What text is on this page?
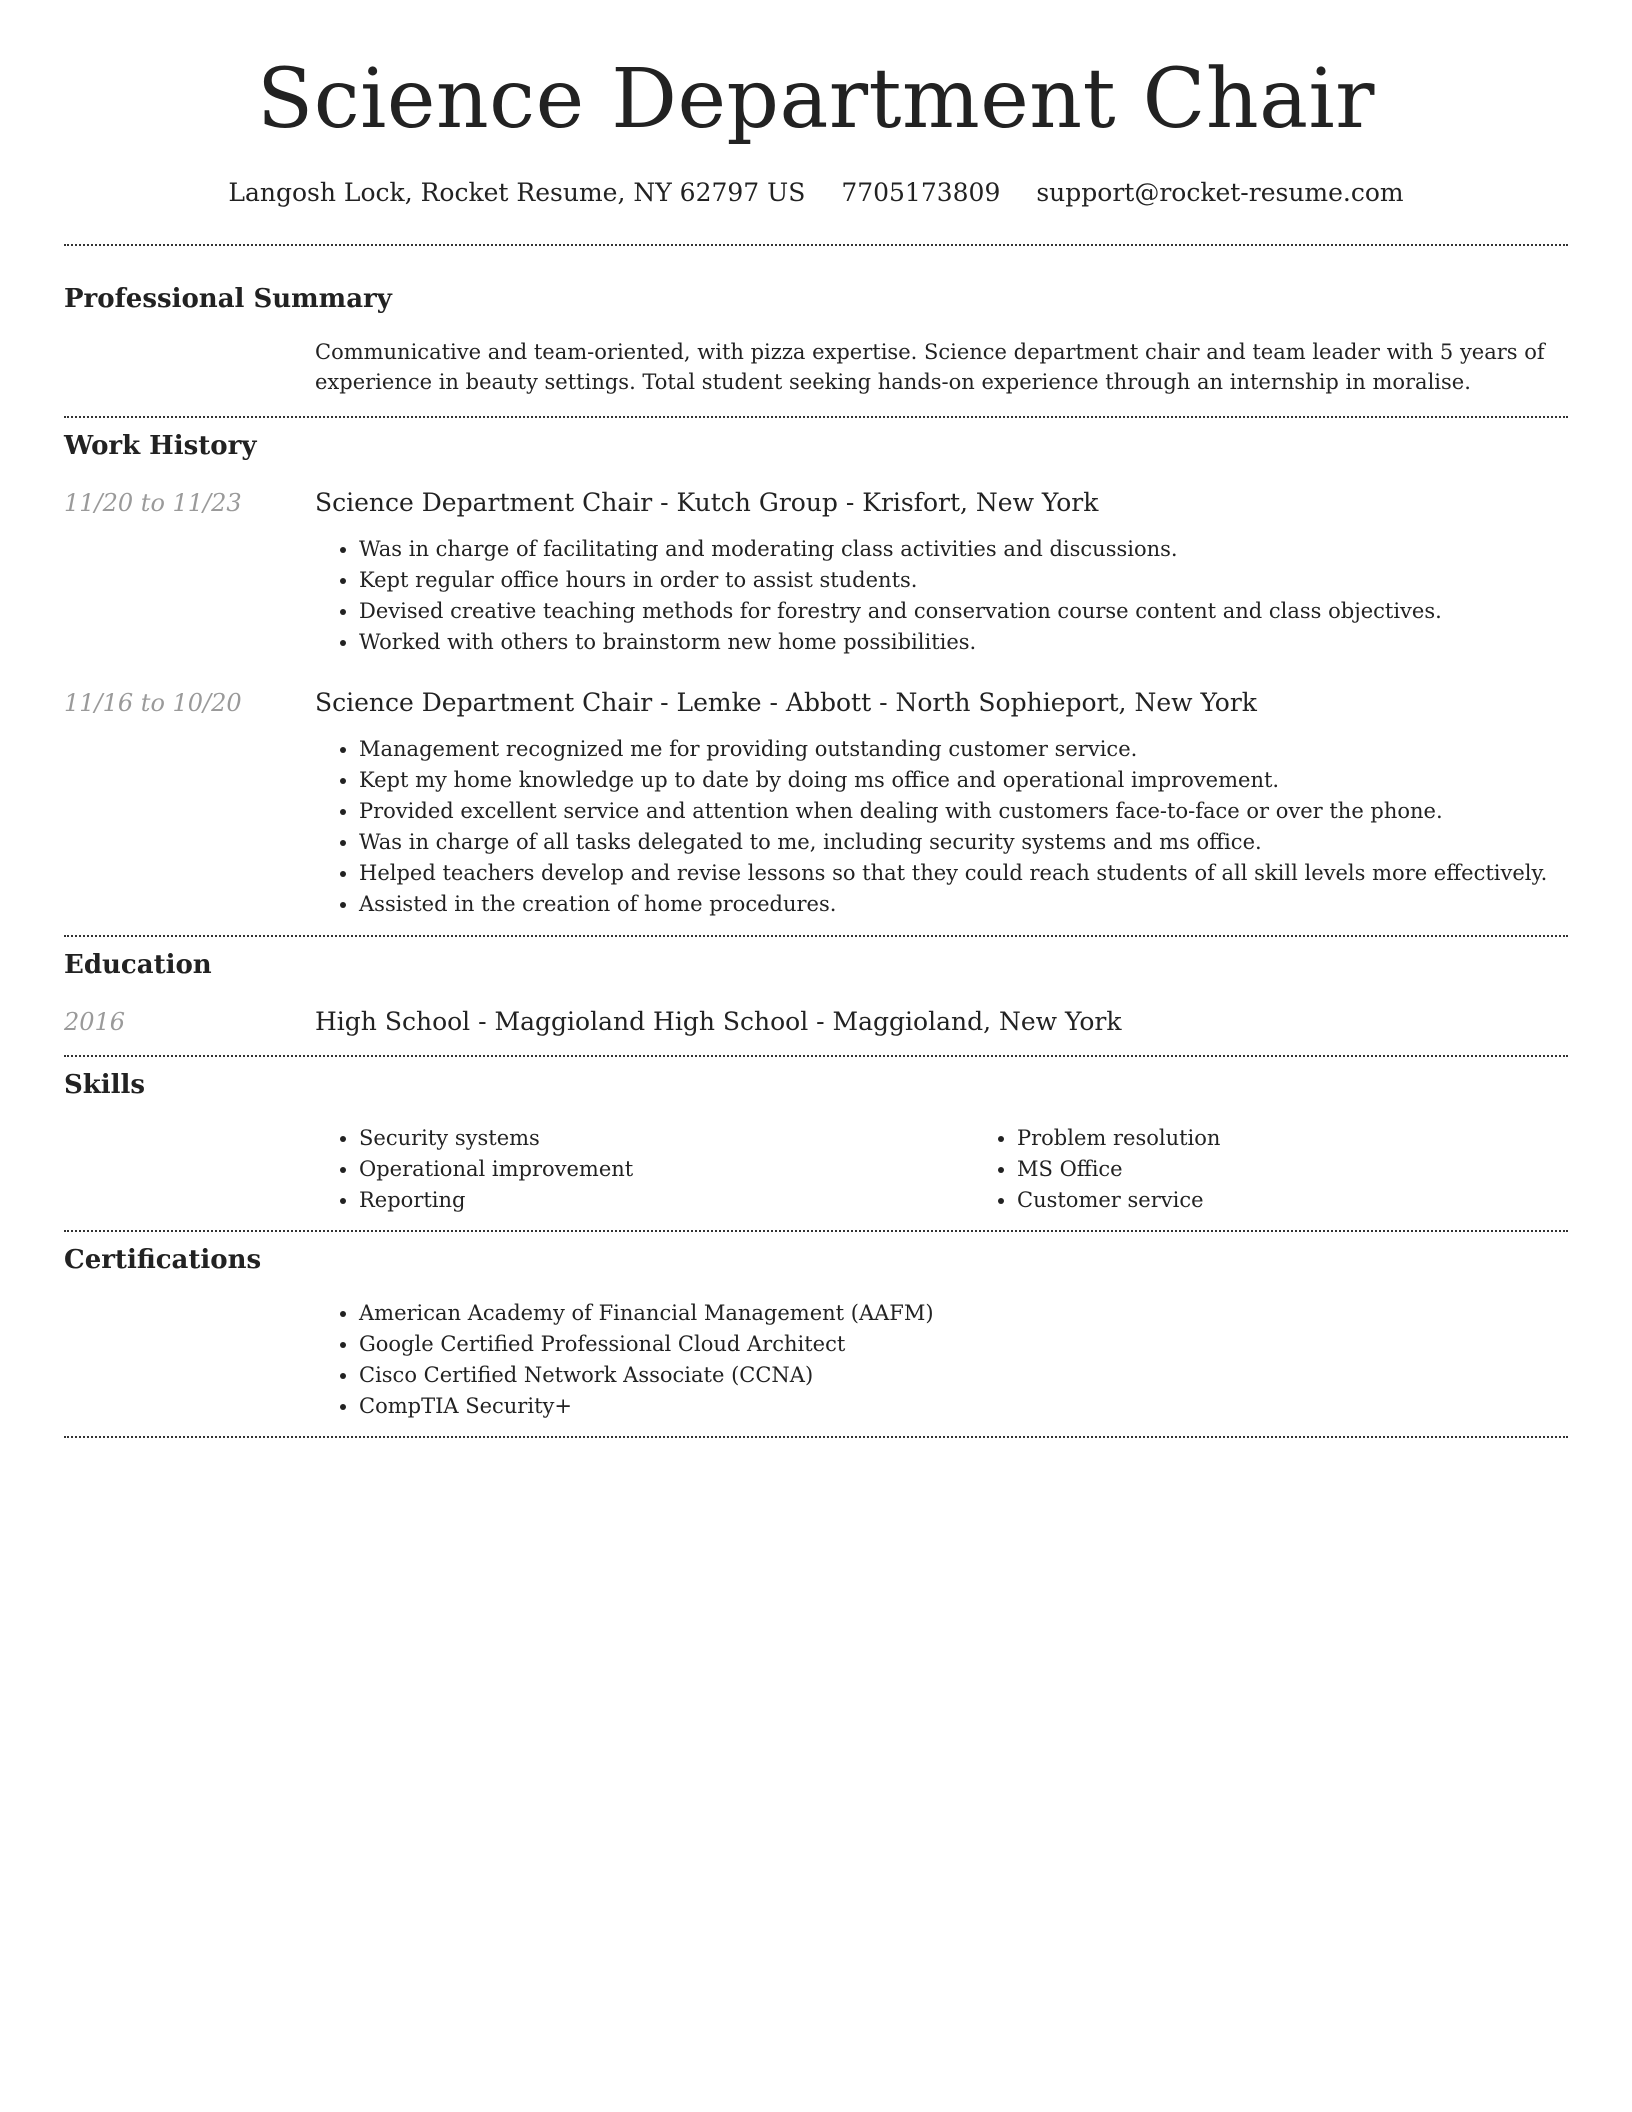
Science Department Chair
Langosh Lock, Rocket Resume, NY 62797 US 7705173809 support@rocket-resume.com
Professional Summary

Communicative and team-oriented, with pizza expertise. Science department chair and team leader with 5 years of experience in beauty settings. Total student seeking hands-on experience through an internship in moralise.

Work History
11/20 to 11/23	Science Department Chair - Kutch Group - Krisfort, New York
• Was in charge of facilitating and moderating class activities and discussions.
• Kept regular office hours in order to assist students.
• Devised creative teaching methods for forestry and conservation course content and class objectives.
• Worked with others to brainstorm new home possibilities.
11/16 to 10/20	Science Department Chair - Lemke - Abbott - North Sophieport, New York
• Management recognized me for providing outstanding customer service.
• Kept my home knowledge up to date by doing ms office and operational improvement.
• Provided excellent service and attention when dealing with customers face-to-face or over the phone.
• Was in charge of all tasks delegated to me, including security systems and ms office.
• Helped teachers develop and revise lessons so that they could reach students of all skill levels more effectively.
• Assisted in the creation of home procedures.
Education
2016	High School - Maggioland High School - Maggioland, New York
Skills
• Security systems
• Operational improvement
• Reporting
• Problem resolution
• MS Office
• Customer service
Certifications
• American Academy of Financial Management (AAFM)
• Google Certified Professional Cloud Architect
• Cisco Certified Network Associate (CCNA)
• CompTIA Security+
